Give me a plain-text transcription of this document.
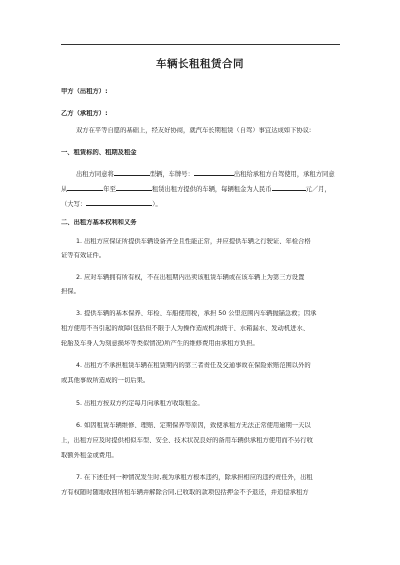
车辆长租租赁合同
甲方（出租方）:
乙方（承租方）:
双方在平等自愿的基础上，经友好协商，就汽车长期租赁（自驾）事宜达成如下协议:
一、租赁标的、租期及租金
出租方同意将	型辆，车牌号：	出租给承租方自驾使用，承租方同意
从	年至	租赁出租方提供的车辆，每辆租金为人民币	元／月，
（大写：	）。
二、出租方基本权利和义务
1. 出租方应保证所提供车辆设备齐全且性能正常，并应提供车辆之行驶证、年检合格
证等有效证件。
2. 应对车辆拥有所有权，不在出租期内出卖该租赁车辆或在该车辆上为第三方设置
担保。
3. 提供车辆的基本保养、年检、车船使用税，承担 50 公里范围内车辆抛锚急救；因承
租方使用不当引起的故障(包括但不限于人为操作造成机油烧干、水箱漏水、发动机进水、
轮胎及车身人为刻意损坏等类似情况)所产生的维修费用由承租方负担。
4. 出租方不承担租赁车辆在租赁期内的第三者责任及交通事故在保险索赔范围以外的
或其他事故所造成的一切后果。
5. 出租方按双方约定每月向承租方收取租金。
6. 如因租赁车辆维修、理赔、定期保养等原因，致使承租方无法正常使用逾期一天以
上，出租方应及时提供相似车型、安全、技术状况良好的备用车辆供承租方使用而不另行收
取额外租金或费用。
7. 在下述任何一种情况发生时,视为承租方根本违约，除承担相应的违约责任外，出租
方有权随时随地收回所租车辆并解除合同,已收取的款项包括押金不予退还，并追偿承租方
